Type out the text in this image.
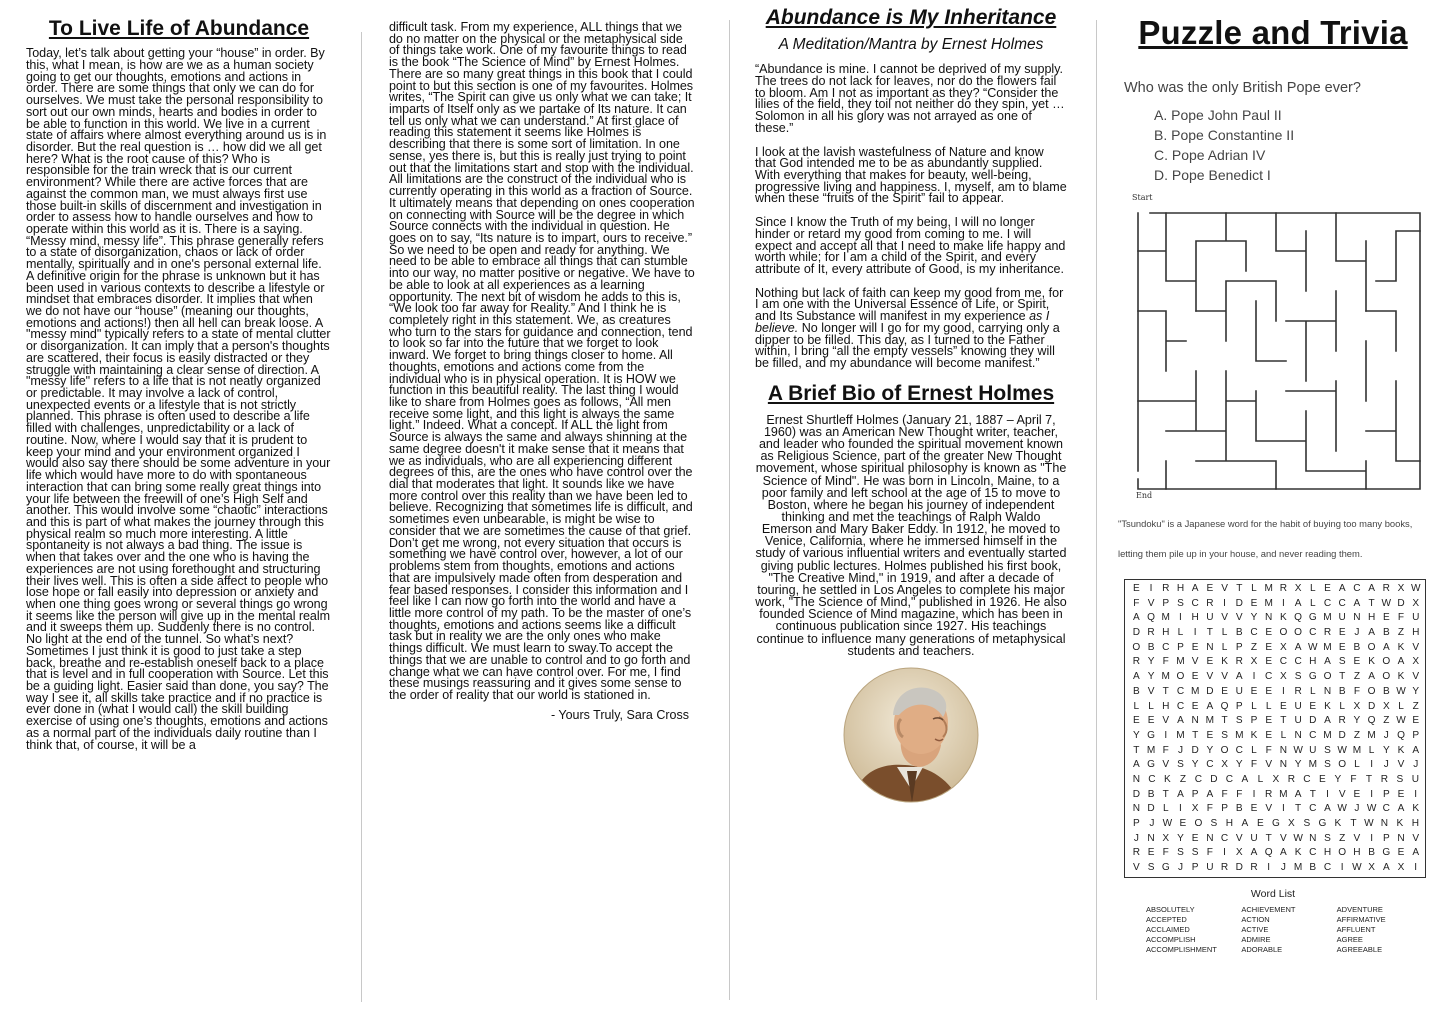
To Live Life of Abundance
Today, let’s talk about getting your “house” in order. By this, what I mean, is how are we as a human society going to get our thoughts, emotions and actions in order. There are some things that only we can do for ourselves. We must take the personal responsibility to sort out our own minds, hearts and bodies in order to be able to function in this world. We live in a current state of affairs where almost everything around us is in disorder. But the real question is … how did we all get here? What is the root cause of this? Who is responsible for the train wreck that is our current environment? While there are active forces that are against the common man, we must always first use those built-in skills of discernment and investigation in order to assess how to handle ourselves and how to operate within this world as it is. There is a saying. “Messy mind, messy life”. This phrase generally refers to a state of disorganization, chaos or lack of order mentally, spiritually and in one's personal external life. A definitive origin for the phrase is unknown but it has been used in various contexts to describe a lifestyle or mindset that embraces disorder. It implies that when we do not have our “house” (meaning our thoughts, emotions and actions!) then all hell can break loose. A "messy mind" typically refers to a state of mental clutter or disorganization. It can imply that a person's thoughts are scattered, their focus is easily distracted or they struggle with maintaining a clear sense of direction. A "messy life" refers to a life that is not neatly organized or predictable. It may involve a lack of control, unexpected events or a lifestyle that is not strictly planned. This phrase is often used to describe a life filled with challenges, unpredictability or a lack of routine. Now, where I would say that it is prudent to keep your mind and your environment organized I would also say there should be some adventure in your life which would have more to do with spontaneous interaction that can bring some really great things into your life between the freewill of one’s High Self and another. This would involve some “chaotic” interactions and this is part of what makes the journey through this physical realm so much more interesting. A little spontaneity is not always a bad thing. The issue is when that takes over and the one who is having the experiences are not using forethought and structuring their lives well. This is often a side affect to people who lose hope or fall easily into depression or anxiety and when one thing goes wrong or several things go wrong it seems like the person will give up in the mental realm and it sweeps them up. Suddenly there is no control. No light at the end of the tunnel. So what’s next? Sometimes I just think it is good to just take a step back, breathe and re-establish oneself back to a place that is level and in full cooperation with Source. Let this be a guiding light. Easier said than done, you say? The way I see it, all skills take practice and if no practice is ever done in (what I would call) the skill building exercise of using one’s thoughts, emotions and actions as a normal part of the individuals daily routine than I think that, of course, it will be a
difficult task. From my experience, ALL things that we do no matter on the physical or the metaphysical side of things take work. One of my favourite things to read is the book “The Science of Mind” by Ernest Holmes. There are so many great things in this book that I could point to but this section is one of my favourites. Holmes writes, “The Spirit can give us only what we can take; It imparts of Itself only as we partake of Its nature. It can tell us only what we can understand.” At first glace of reading this statement it seems like Holmes is describing that there is some sort of limitation. In one sense, yes there is, but this is really just trying to point out that the limitations start and stop with the individual. All limitations are the construct of the individual who is currently operating in this world as a fraction of Source. It ultimately means that depending on ones cooperation on connecting with Source will be the degree in which Source connects with the individual in question. He goes on to say, “Its nature is to impart, ours to receive.” So we need to be open and ready for anything. We need to be able to embrace all things that can stumble into our way, no matter positive or negative. We have to be able to look at all experiences as a learning opportunity. The next bit of wisdom he adds to this is, “We look too far away for Reality.” And I think he is completely right in this statement. We, as creatures who turn to the stars for guidance and connection, tend to look so far into the future that we forget to look inward. We forget to bring things closer to home. All thoughts, emotions and actions come from the individual who is in physical operation. It is HOW we function in this beautiful reality. The last thing I would like to share from Holmes goes as follows, “All men receive some light, and this light is always the same light.” Indeed. What a concept. If ALL the light from Source is always the same and always shinning at the same degree doesn't it make sense that it means that we as individuals, who are all experiencing different degrees of this, are the ones who have control over the dial that moderates that light. It sounds like we have more control over this reality than we have been led to believe. Recognizing that sometimes life is difficult, and sometimes even unbearable, is might be wise to consider that we are sometimes the cause of that grief. Don’t get me wrong, not every situation that occurs is something we have control over, however, a lot of our problems stem from thoughts, emotions and actions that are impulsively made often from desperation and fear based responses. I consider this information and I feel like I can now go forth into the world and have a little more control of my path. To be the master of one’s thoughts, emotions and actions seems like a difficult task but in reality we are the only ones who make things difficult. We must learn to sway.To accept the things that we are unable to control and to go forth and change what we can have control over. For me, I find these musings reassuring and it gives some sense to the order of reality that our world is stationed in.
- Yours Truly, Sara Cross
Abundance is My Inheritance
A Meditation/Mantra by Ernest Holmes
“Abundance is mine. I cannot be deprived of my supply. The trees do not lack for leaves, nor do the flowers fail to bloom. Am I not as important as they? “Consider the lilies of the field, they toil not neither do they spin, yet … Solomon in all his glory was not arrayed as one of these.”
I look at the lavish wastefulness of Nature and know that God intended me to be as abundantly supplied. With everything that makes for beauty, well-being, progressive living and happiness. I, myself, am to blame when these “fruits of the Spirit” fail to appear.
Since I know the Truth of my being, I will no longer hinder or retard my good from coming to me. I will expect and accept all that I need to make life happy and worth while; for I am a child of the Spirit, and every attribute of It, every attribute of Good, is my inheritance.
Nothing but lack of faith can keep my good from me, for I am one with the Universal Essence of Life, or Spirit, and Its Substance will manifest in my experience as I believe. No longer will I go for my good, carrying only a dipper to be filled. This day, as I turned to the Father within, I bring “all the empty vessels” knowing they will be filled, and my abundance will become manifest.”
A Brief Bio of Ernest Holmes
Ernest Shurtleff Holmes (January 21, 1887 – April 7, 1960) was an American New Thought writer, teacher, and leader who founded the spiritual movement known as Religious Science, part of the greater New Thought movement, whose spiritual philosophy is known as "The Science of Mind". He was born in Lincoln, Maine, to a poor family and left school at the age of 15 to move to Boston, where he began his journey of independent thinking and met the teachings of Ralph Waldo Emerson and Mary Baker Eddy. In 1912, he moved to Venice, California, where he immersed himself in the study of various influential writers and eventually started giving public lectures. Holmes published his first book, "The Creative Mind," in 1919, and after a decade of touring, he settled in Los Angeles to complete his major work, "The Science of Mind," published in 1926. He also founded Science of Mind magazine, which has been in continuous publication since 1927. His teachings continue to influence many generations of metaphysical students and teachers.
Puzzle and Trivia
Who was the only British Pope ever?
A. Pope John Paul II
B. Pope Constantine II
C. Pope Adrian IV
D. Pope Benedict I
Start
End
"Tsundoku" is a Japanese word for the habit of buying too many books,
letting them pile up in your house, and never reading them.
E I R H A E V T L M R X L E A C A R X W
F V P S C R I D E M I A L C C A T W D X
A Q M I H U V V Y N K Q G M U N H E F U
D R H L	I	T L B C E O O C R E J A B Z H
O B C P E N L P Z E X A W M E B O A K V
R Y F M V E K R X E C C H A S E K O A X
A Y M O E V V A I C X S G O T Z A O K V
B V T C M D E U E E I R L N B F O B W Y
L L H C E A Q P L L E U E K L X D X L Z
E E V A N M T S P E T U D A R Y Q Z W E
Y G I M T E S M K E L N C M D Z M J Q P
T M F J D Y O C L F N W U S W M L Y K A
A G V S Y C X Y F V N Y M S O L	I	J V J
N C K Z C D C A L X R C E Y F T R S U
D B T A P A F F	I R M A T	I V E I P E I
N D L	I X F P B E V I	T C A W J W C A K
P J W E O S H A E G X S G K T W N K H
J N X Y E N C V U T V W N S Z V I P N V
R E F S S F	I X A Q A K C H O H B G E A
V S G J P U R D R I	J M B C I W X A X I
Word List
ABSOLUTELY
ACCEPTED
ACCLAIMED
ACCOMPLISH
ACCOMPLISHMENT
ACHIEVEMENT
ACTION
ACTIVE
ADMIRE
ADORABLE
ADVENTURE
AFFIRMATIVE
AFFLUENT
AGREE
AGREEABLE
